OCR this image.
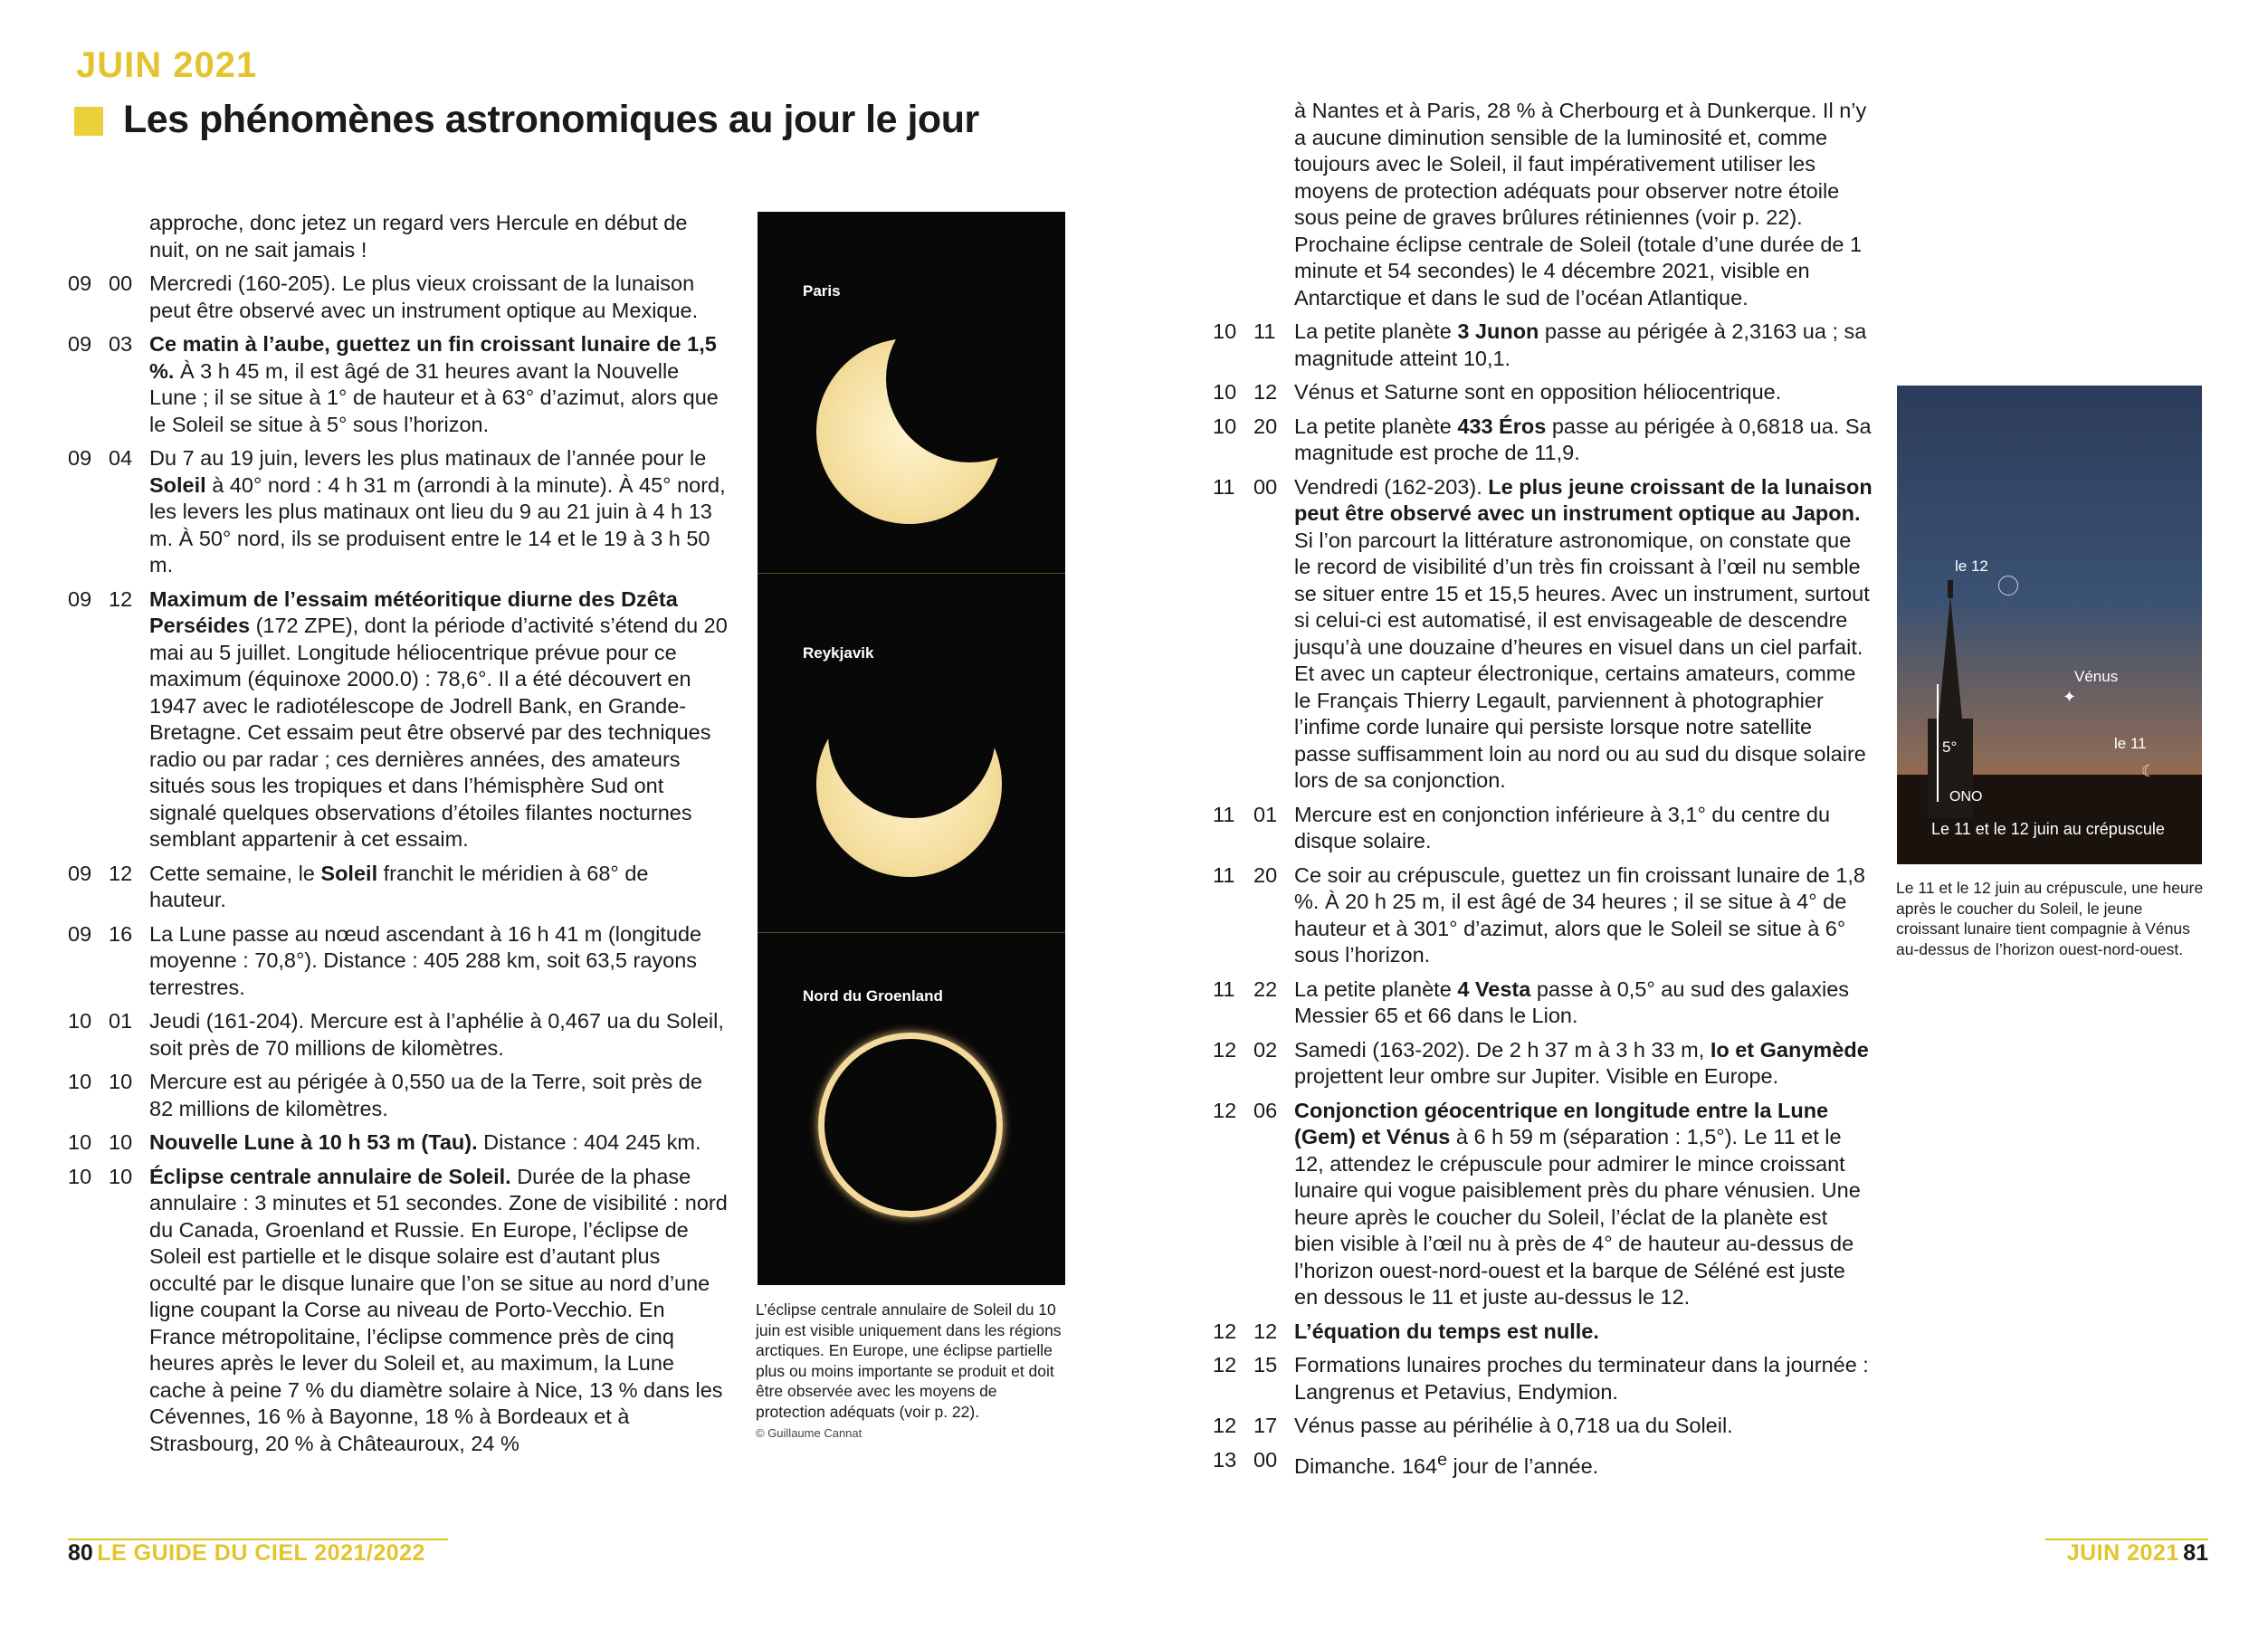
JUIN 2021
Les phénomènes astronomiques au jour le jour
approche, donc jetez un regard vers Hercule en début de nuit, on ne sait jamais !
09 00 Mercredi (160-205). Le plus vieux croissant de la lunaison peut être observé avec un instrument optique au Mexique.
09 03 Ce matin à l’aube, guettez un fin croissant lunaire de 1,5 %. À 3 h 45 m, il est âgé de 31 heures avant la Nouvelle Lune ; il se situe à 1° de hauteur et à 63° d’azimut, alors que le Soleil se situe à 5° sous l’horizon.
09 04 Du 7 au 19 juin, levers les plus matinaux de l’année pour le Soleil à 40° nord : 4 h 31 m (arrondi à la minute). À 45° nord, les levers les plus matinaux ont lieu du 9 au 21 juin à 4 h 13 m. À 50° nord, ils se produisent entre le 14 et le 19 à 3 h 50 m.
09 12 Maximum de l’essaim météoritique diurne des Dzêta Perséides (172 ZPE), dont la période d’activité s’étend du 20 mai au 5 juillet. Longitude héliocentrique prévue pour ce maximum (équinoxe 2000.0) : 78,6°. Il a été découvert en 1947 avec le radiotélescope de Jodrell Bank, en Grande-Bretagne. Cet essaim peut être observé par des techniques radio ou par radar ; ces dernières années, des amateurs situés sous les tropiques et dans l’hémisphère Sud ont signalé quelques observations d’étoiles filantes nocturnes semblant appartenir à cet essaim.
09 12 Cette semaine, le Soleil franchit le méridien à 68° de hauteur.
09 16 La Lune passe au nœud ascendant à 16 h 41 m (longitude moyenne : 70,8°). Distance : 405 288 km, soit 63,5 rayons terrestres.
10 01 Jeudi (161-204). Mercure est à l’aphélie à 0,467 ua du Soleil, soit près de 70 millions de kilomètres.
10 10 Mercure est au périgée à 0,550 ua de la Terre, soit près de 82 millions de kilomètres.
10 10 Nouvelle Lune à 10 h 53 m (Tau). Distance : 404 245 km.
10 10 Éclipse centrale annulaire de Soleil. Durée de la phase annulaire : 3 minutes et 51 secondes. Zone de visibilité : nord du Canada, Groenland et Russie. En Europe, l’éclipse de Soleil est partielle et le disque solaire est d’autant plus occulté par le disque lunaire que l’on se situe au nord d’une ligne coupant la Corse au niveau de Porto-Vecchio. En France métropolitaine, l’éclipse commence près de cinq heures après le lever du Soleil et, au maximum, la Lune cache à peine 7 % du diamètre solaire à Nice, 13 % dans les Cévennes, 16 % à Bayonne, 18 % à Bordeaux et à Strasbourg, 20 % à Châteauroux, 24 %
Paris
Reykjavik
Nord du Groenland
L’éclipse centrale annulaire de Soleil du 10 juin est visible uniquement dans les régions arctiques. En Europe, une éclipse partielle plus ou moins importante se produit et doit être observée avec les moyens de protection adéquats (voir p. 22).
© Guillaume Cannat
à Nantes et à Paris, 28 % à Cherbourg et à Dunkerque. Il n’y a aucune diminution sensible de la luminosité et, comme toujours avec le Soleil, il faut impérativement utiliser les moyens de protection adéquats pour observer notre étoile sous peine de graves brûlures rétiniennes (voir p. 22). Prochaine éclipse centrale de Soleil (totale d’une durée de 1 minute et 54 secondes) le 4 décembre 2021, visible en Antarctique et dans le sud de l’océan Atlantique.
10 11 La petite planète 3 Junon passe au périgée à 2,3163 ua ; sa magnitude atteint 10,1.
10 12 Vénus et Saturne sont en opposition héliocentrique.
10 20 La petite planète 433 Éros passe au périgée à 0,6818 ua. Sa magnitude est proche de 11,9.
11 00 Vendredi (162-203). Le plus jeune croissant de la lunaison peut être observé avec un instrument optique au Japon. Si l’on parcourt la littérature astronomique, on constate que le record de visibilité d’un très fin croissant à l’œil nu semble se situer entre 15 et 15,5 heures. Avec un instrument, surtout si celui-ci est automatisé, il est envisageable de descendre jusqu’à une douzaine d’heures en visuel dans un ciel parfait. Et avec un capteur électronique, certains amateurs, comme le Français Thierry Legault, parviennent à photographier l’infime corde lunaire qui persiste lorsque notre satellite passe suffisamment loin au nord ou au sud du disque solaire lors de sa conjonction.
11 01 Mercure est en conjonction inférieure à 3,1° du centre du disque solaire.
11 20 Ce soir au crépuscule, guettez un fin croissant lunaire de 1,8 %. À 20 h 25 m, il est âgé de 34 heures ; il se situe à 4° de hauteur et à 301° d’azimut, alors que le Soleil se situe à 6° sous l’horizon.
11 22 La petite planète 4 Vesta passe à 0,5° au sud des galaxies Messier 65 et 66 dans le Lion.
12 02 Samedi (163-202). De 2 h 37 m à 3 h 33 m, Io et Ganymède projettent leur ombre sur Jupiter. Visible en Europe.
12 06 Conjonction géocentrique en longitude entre la Lune (Gem) et Vénus à 6 h 59 m (séparation : 1,5°). Le 11 et le 12, attendez le crépuscule pour admirer le mince croissant lunaire qui vogue paisiblement près du phare vénusien. Une heure après le coucher du Soleil, l’éclat de la planète est bien visible à l’œil nu à près de 4° de hauteur au-dessus de l’horizon ouest-nord-ouest et la barque de Séléné est juste en dessous le 11 et juste au-dessus le 12.
12 12 L’équation du temps est nulle.
12 15 Formations lunaires proches du terminateur dans la journée : Langrenus et Petavius, Endymion.
12 17 Vénus passe au périhélie à 0,718 ua du Soleil.
13 00 Dimanche. 164e jour de l’année.
le 12
Vénus
✦
le 11
☾
5°
ONO
Le 11 et le 12 juin au crépuscule
Le 11 et le 12 juin au crépuscule, une heure après le coucher du Soleil, le jeune croissant lunaire tient compagnie à Vénus au-dessus de l’horizon ouest-nord-ouest.
80 LE GUIDE DU CIEL 2021/2022	JUIN 2021 81
